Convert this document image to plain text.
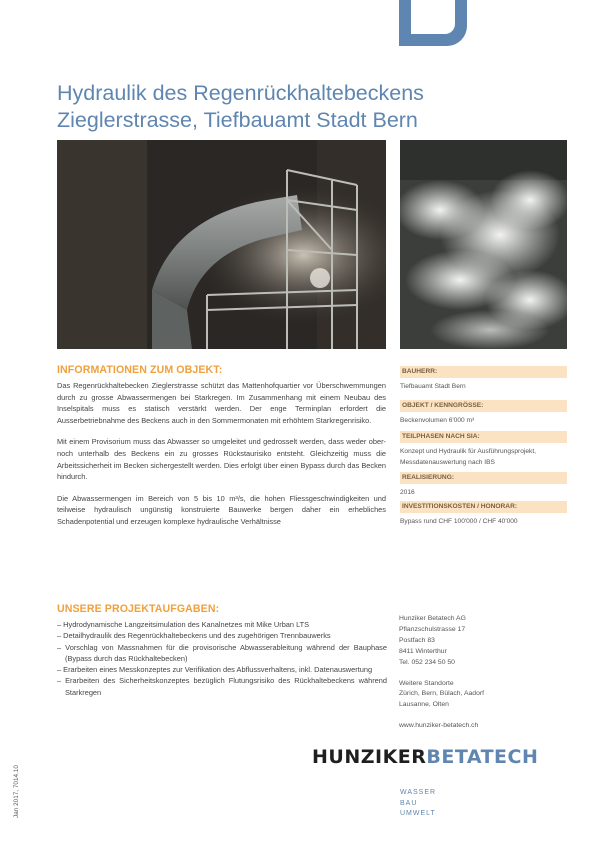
Hydraulik des Regenrückhaltebeckens
Zieglerstrasse, Tiefbauamt Stadt Bern
INFORMATIONEN ZUM OBJEKT:

Das Regenrückhaltebecken Zieglerstrasse schützt das Mattenhofquartier vor Überschwemmungen durch zu grosse Abwassermengen bei Starkregen. Im Zusammenhang mit einem Neubau des Inselspitals muss es statisch verstärkt werden. Der enge Terminplan erfordert die Ausserbetriebnahme des Beckens auch in den Sommermonaten mit erhöhtem Starkregenrisiko.

Mit einem Provisorium muss das Abwasser so umgeleitet und gedrosselt werden, dass weder ober- noch unterhalb des Beckens ein zu grosses Rückstaurisiko entsteht. Gleichzeitig muss die Arbeitssicherheit im Becken sichergestellt werden. Dies erfolgt über einen Bypass durch das Becken hindurch.

Die Abwassermengen im Bereich von 5 bis 10 m³/s, die hohen Fliessgeschwindigkeiten und teilweise hydraulisch ungünstig konstruierte Bauwerke bergen daher ein erhebliches Schadenpotential und erzeugen komplexe hydraulische Verhältnisse

BAUHERR:
Tiefbauamt Stadt Bern
OBJEKT / KENNGRÖSSE:
Beckenvolumen 6'000 m³
TEILPHASEN NACH SIA:
Konzept und Hydraulik für Ausführungsprojekt, Messdatenauswertung nach IBS
REALISIERUNG:
2016
INVESTITIONSKOSTEN / HONORAR:
Bypass rund CHF 100'000 / CHF 40'000
UNSERE PROJEKTAUFGABEN:
– Hydrodynamische Langzeitsimulation des Kanalnetzes mit Mike Urban LTS
– Detailhydraulik des Regenrückhaltebeckens und des zugehörigen Trennbauwerks
– Vorschlag von Massnahmen für die provisorische Abwasserableitung während der Bauphase (Bypass durch das Rückhaltebecken)
– Erarbeiten eines Messkonzeptes zur Verifikation des Abflussverhaltens, inkl. Datenauswertung
– Erarbeiten des Sicherheitskonzeptes bezüglich Flutungsrisiko des Rückhaltebeckens während Starkregen
Hunziker Betatech AG
Pflanzschulstrasse 17
Postfach 83
8411 Winterthur
Tel. 052 234 50 50
Weitere Standorte
Zürich, Bern, Bülach, Aadorf
Lausanne, Olten
www.hunziker-betatech.ch
HUNZIKERBETATECH
WASSER
BAU
UMWELT
Jan 2017, 7014.10
